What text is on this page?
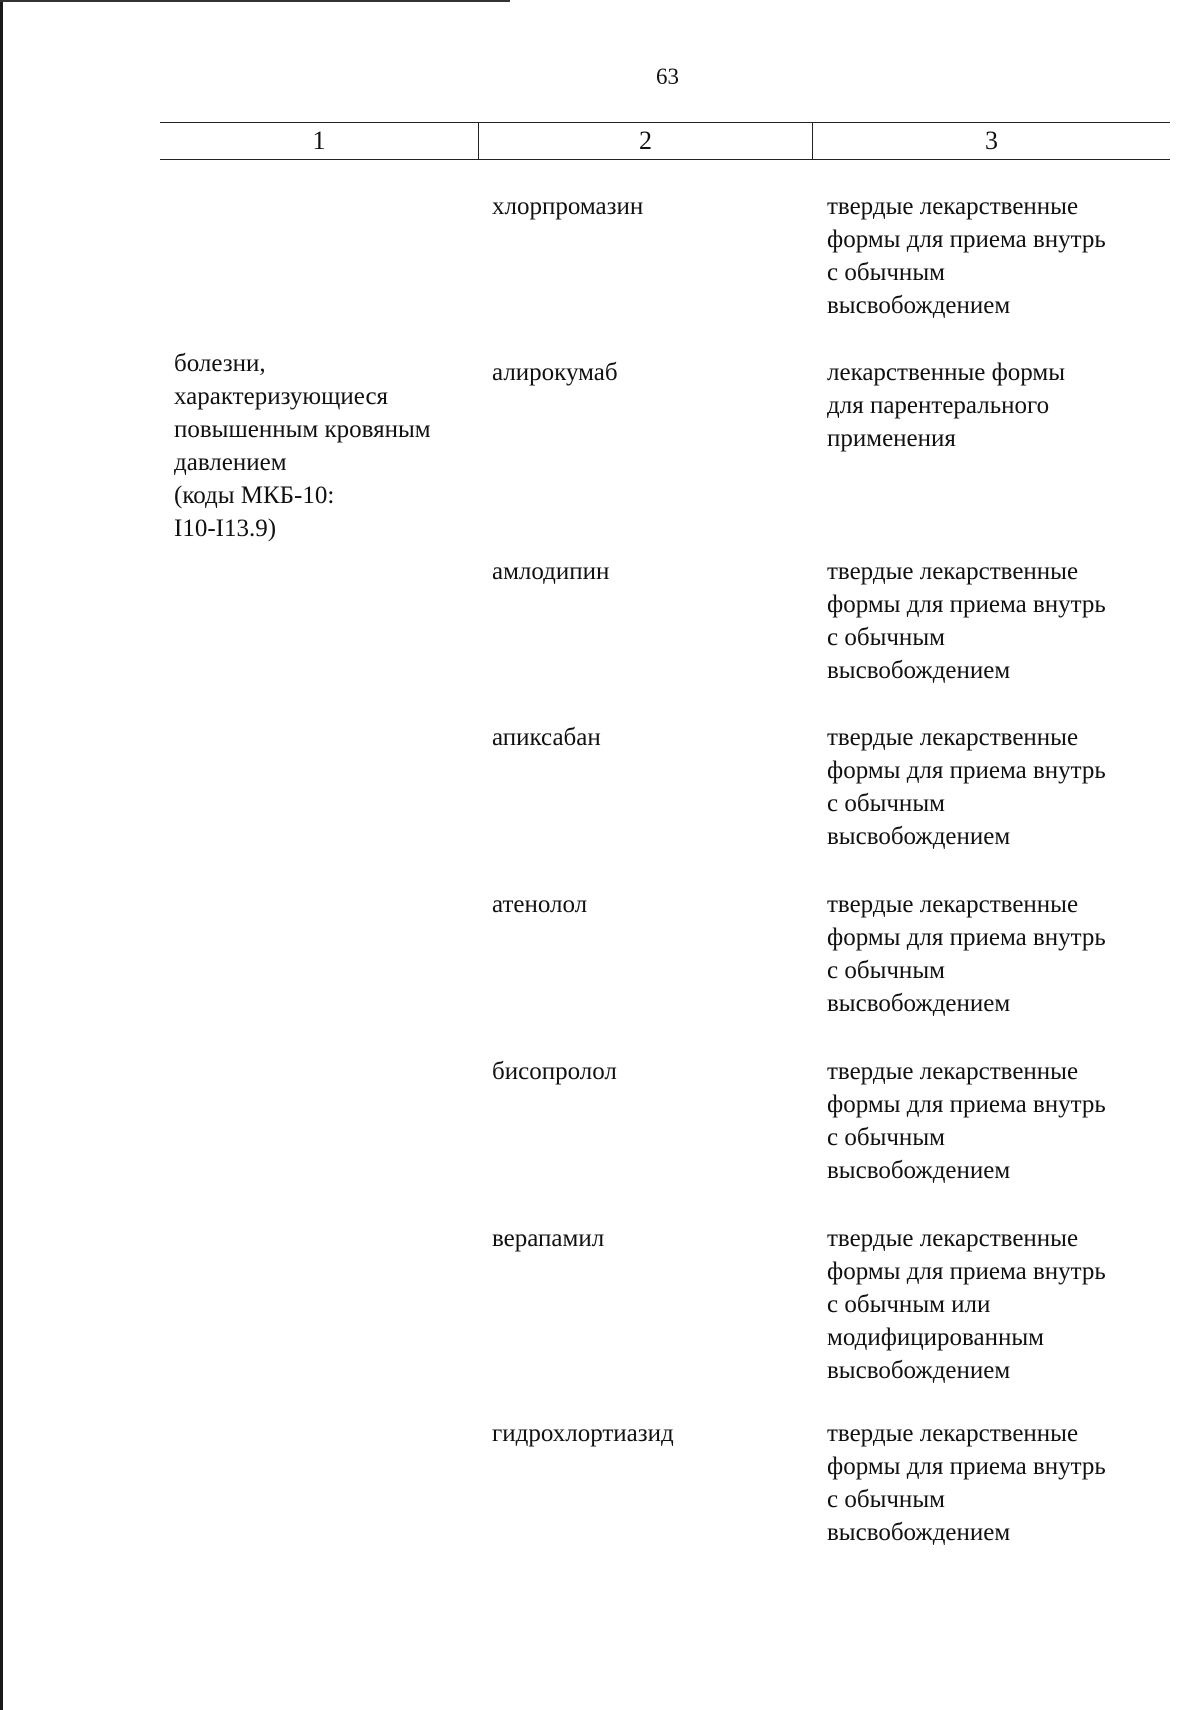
63
1	2	3
болезни,
характеризующиеся
повышенным кровяным
давлением
(коды МКБ-10:
I10-I13.9)
хлорпромазин	твердые лекарственные
формы для приема внутрь
с обычным
высвобождением
алирокумаб	лекарственные формы
для парентерального
применения
амлодипин	твердые лекарственные
формы для приема внутрь
с обычным
высвобождением
апиксабан	твердые лекарственные
формы для приема внутрь
с обычным
высвобождением
атенолол	твердые лекарственные
формы для приема внутрь
с обычным
высвобождением
бисопролол	твердые лекарственные
формы для приема внутрь
с обычным
высвобождением
верапамил	твердые лекарственные
формы для приема внутрь
с обычным или
модифицированным
высвобождением
гидрохлортиазид	твердые лекарственные
формы для приема внутрь
с обычным
высвобождением
